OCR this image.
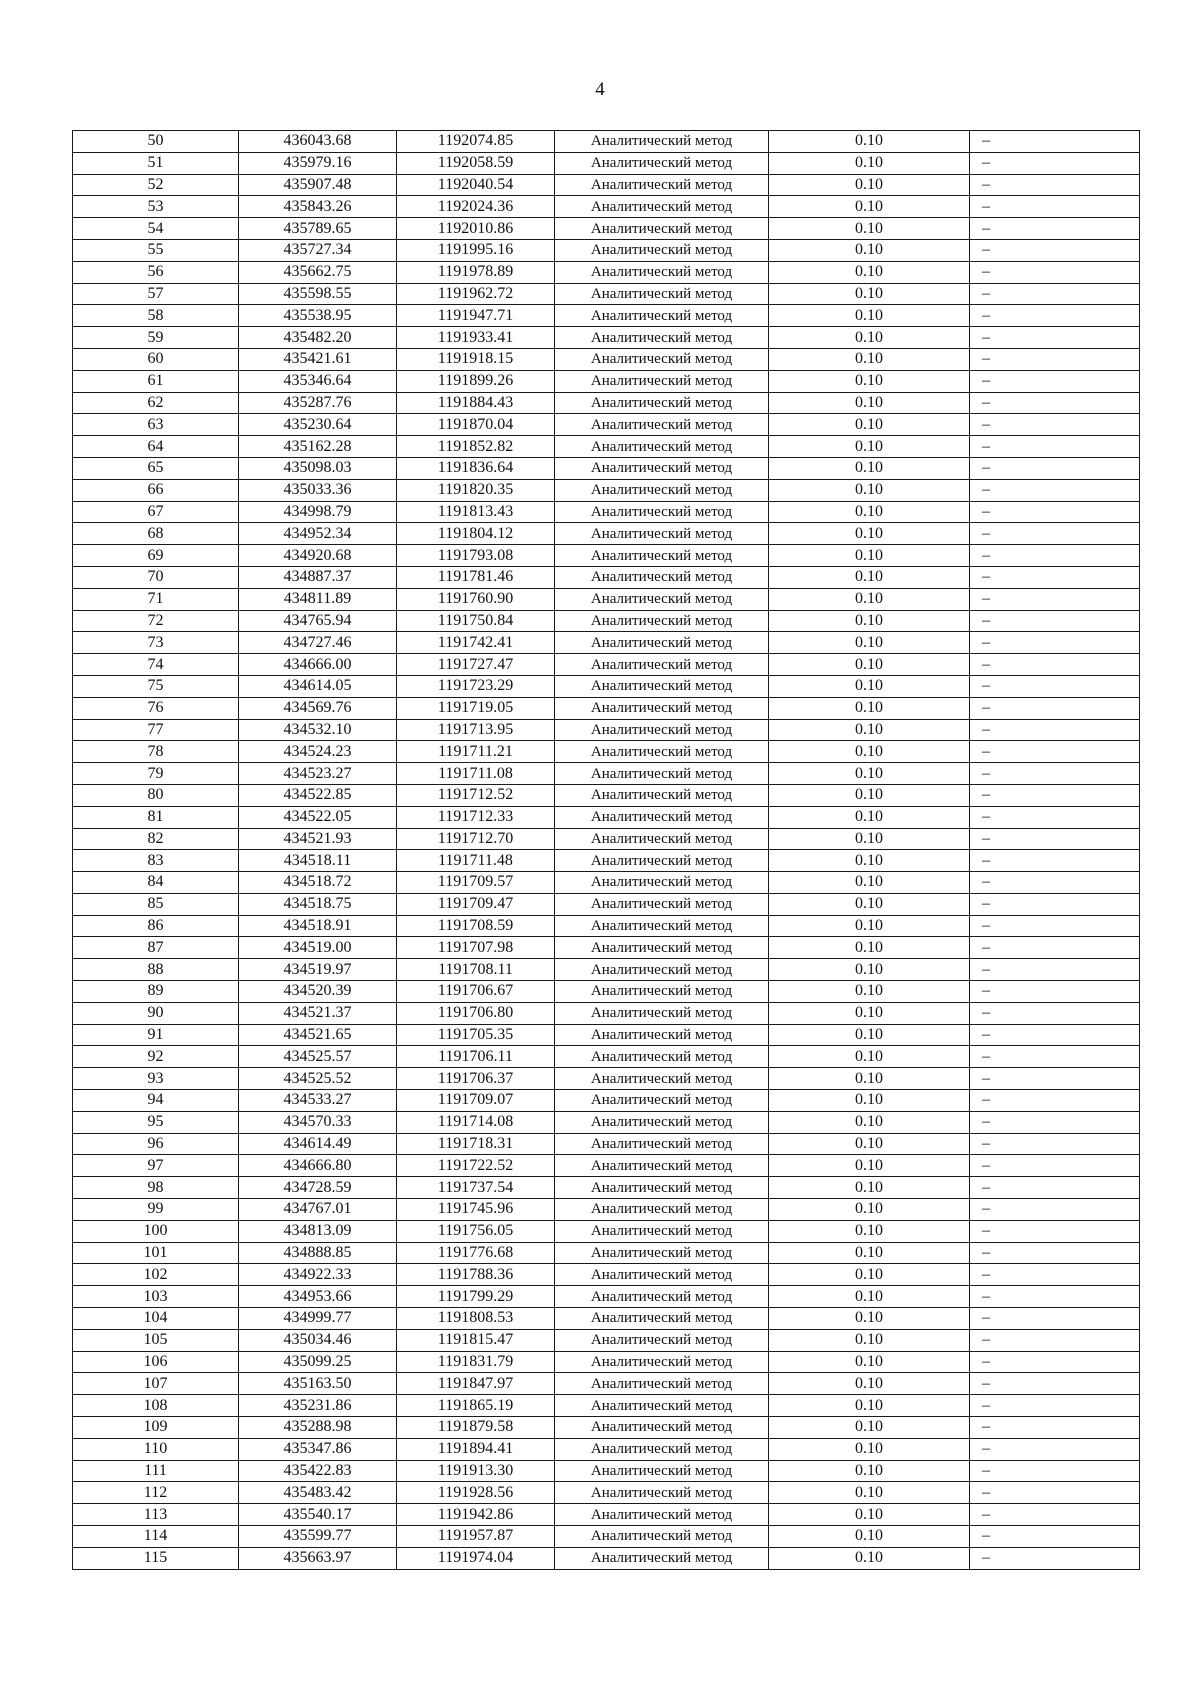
4
50	436043.68	1192074.85	Аналитический метод	0.10	–
51	435979.16	1192058.59	Аналитический метод	0.10	–
52	435907.48	1192040.54	Аналитический метод	0.10	–
53	435843.26	1192024.36	Аналитический метод	0.10	–
54	435789.65	1192010.86	Аналитический метод	0.10	–
55	435727.34	1191995.16	Аналитический метод	0.10	–
56	435662.75	1191978.89	Аналитический метод	0.10	–
57	435598.55	1191962.72	Аналитический метод	0.10	–
58	435538.95	1191947.71	Аналитический метод	0.10	–
59	435482.20	1191933.41	Аналитический метод	0.10	–
60	435421.61	1191918.15	Аналитический метод	0.10	–
61	435346.64	1191899.26	Аналитический метод	0.10	–
62	435287.76	1191884.43	Аналитический метод	0.10	–
63	435230.64	1191870.04	Аналитический метод	0.10	–
64	435162.28	1191852.82	Аналитический метод	0.10	–
65	435098.03	1191836.64	Аналитический метод	0.10	–
66	435033.36	1191820.35	Аналитический метод	0.10	–
67	434998.79	1191813.43	Аналитический метод	0.10	–
68	434952.34	1191804.12	Аналитический метод	0.10	–
69	434920.68	1191793.08	Аналитический метод	0.10	–
70	434887.37	1191781.46	Аналитический метод	0.10	–
71	434811.89	1191760.90	Аналитический метод	0.10	–
72	434765.94	1191750.84	Аналитический метод	0.10	–
73	434727.46	1191742.41	Аналитический метод	0.10	–
74	434666.00	1191727.47	Аналитический метод	0.10	–
75	434614.05	1191723.29	Аналитический метод	0.10	–
76	434569.76	1191719.05	Аналитический метод	0.10	–
77	434532.10	1191713.95	Аналитический метод	0.10	–
78	434524.23	1191711.21	Аналитический метод	0.10	–
79	434523.27	1191711.08	Аналитический метод	0.10	–
80	434522.85	1191712.52	Аналитический метод	0.10	–
81	434522.05	1191712.33	Аналитический метод	0.10	–
82	434521.93	1191712.70	Аналитический метод	0.10	–
83	434518.11	1191711.48	Аналитический метод	0.10	–
84	434518.72	1191709.57	Аналитический метод	0.10	–
85	434518.75	1191709.47	Аналитический метод	0.10	–
86	434518.91	1191708.59	Аналитический метод	0.10	–
87	434519.00	1191707.98	Аналитический метод	0.10	–
88	434519.97	1191708.11	Аналитический метод	0.10	–
89	434520.39	1191706.67	Аналитический метод	0.10	–
90	434521.37	1191706.80	Аналитический метод	0.10	–
91	434521.65	1191705.35	Аналитический метод	0.10	–
92	434525.57	1191706.11	Аналитический метод	0.10	–
93	434525.52	1191706.37	Аналитический метод	0.10	–
94	434533.27	1191709.07	Аналитический метод	0.10	–
95	434570.33	1191714.08	Аналитический метод	0.10	–
96	434614.49	1191718.31	Аналитический метод	0.10	–
97	434666.80	1191722.52	Аналитический метод	0.10	–
98	434728.59	1191737.54	Аналитический метод	0.10	–
99	434767.01	1191745.96	Аналитический метод	0.10	–
100	434813.09	1191756.05	Аналитический метод	0.10	–
101	434888.85	1191776.68	Аналитический метод	0.10	–
102	434922.33	1191788.36	Аналитический метод	0.10	–
103	434953.66	1191799.29	Аналитический метод	0.10	–
104	434999.77	1191808.53	Аналитический метод	0.10	–
105	435034.46	1191815.47	Аналитический метод	0.10	–
106	435099.25	1191831.79	Аналитический метод	0.10	–
107	435163.50	1191847.97	Аналитический метод	0.10	–
108	435231.86	1191865.19	Аналитический метод	0.10	–
109	435288.98	1191879.58	Аналитический метод	0.10	–
110	435347.86	1191894.41	Аналитический метод	0.10	–
111	435422.83	1191913.30	Аналитический метод	0.10	–
112	435483.42	1191928.56	Аналитический метод	0.10	–
113	435540.17	1191942.86	Аналитический метод	0.10	–
114	435599.77	1191957.87	Аналитический метод	0.10	–
115	435663.97	1191974.04	Аналитический метод	0.10	–
